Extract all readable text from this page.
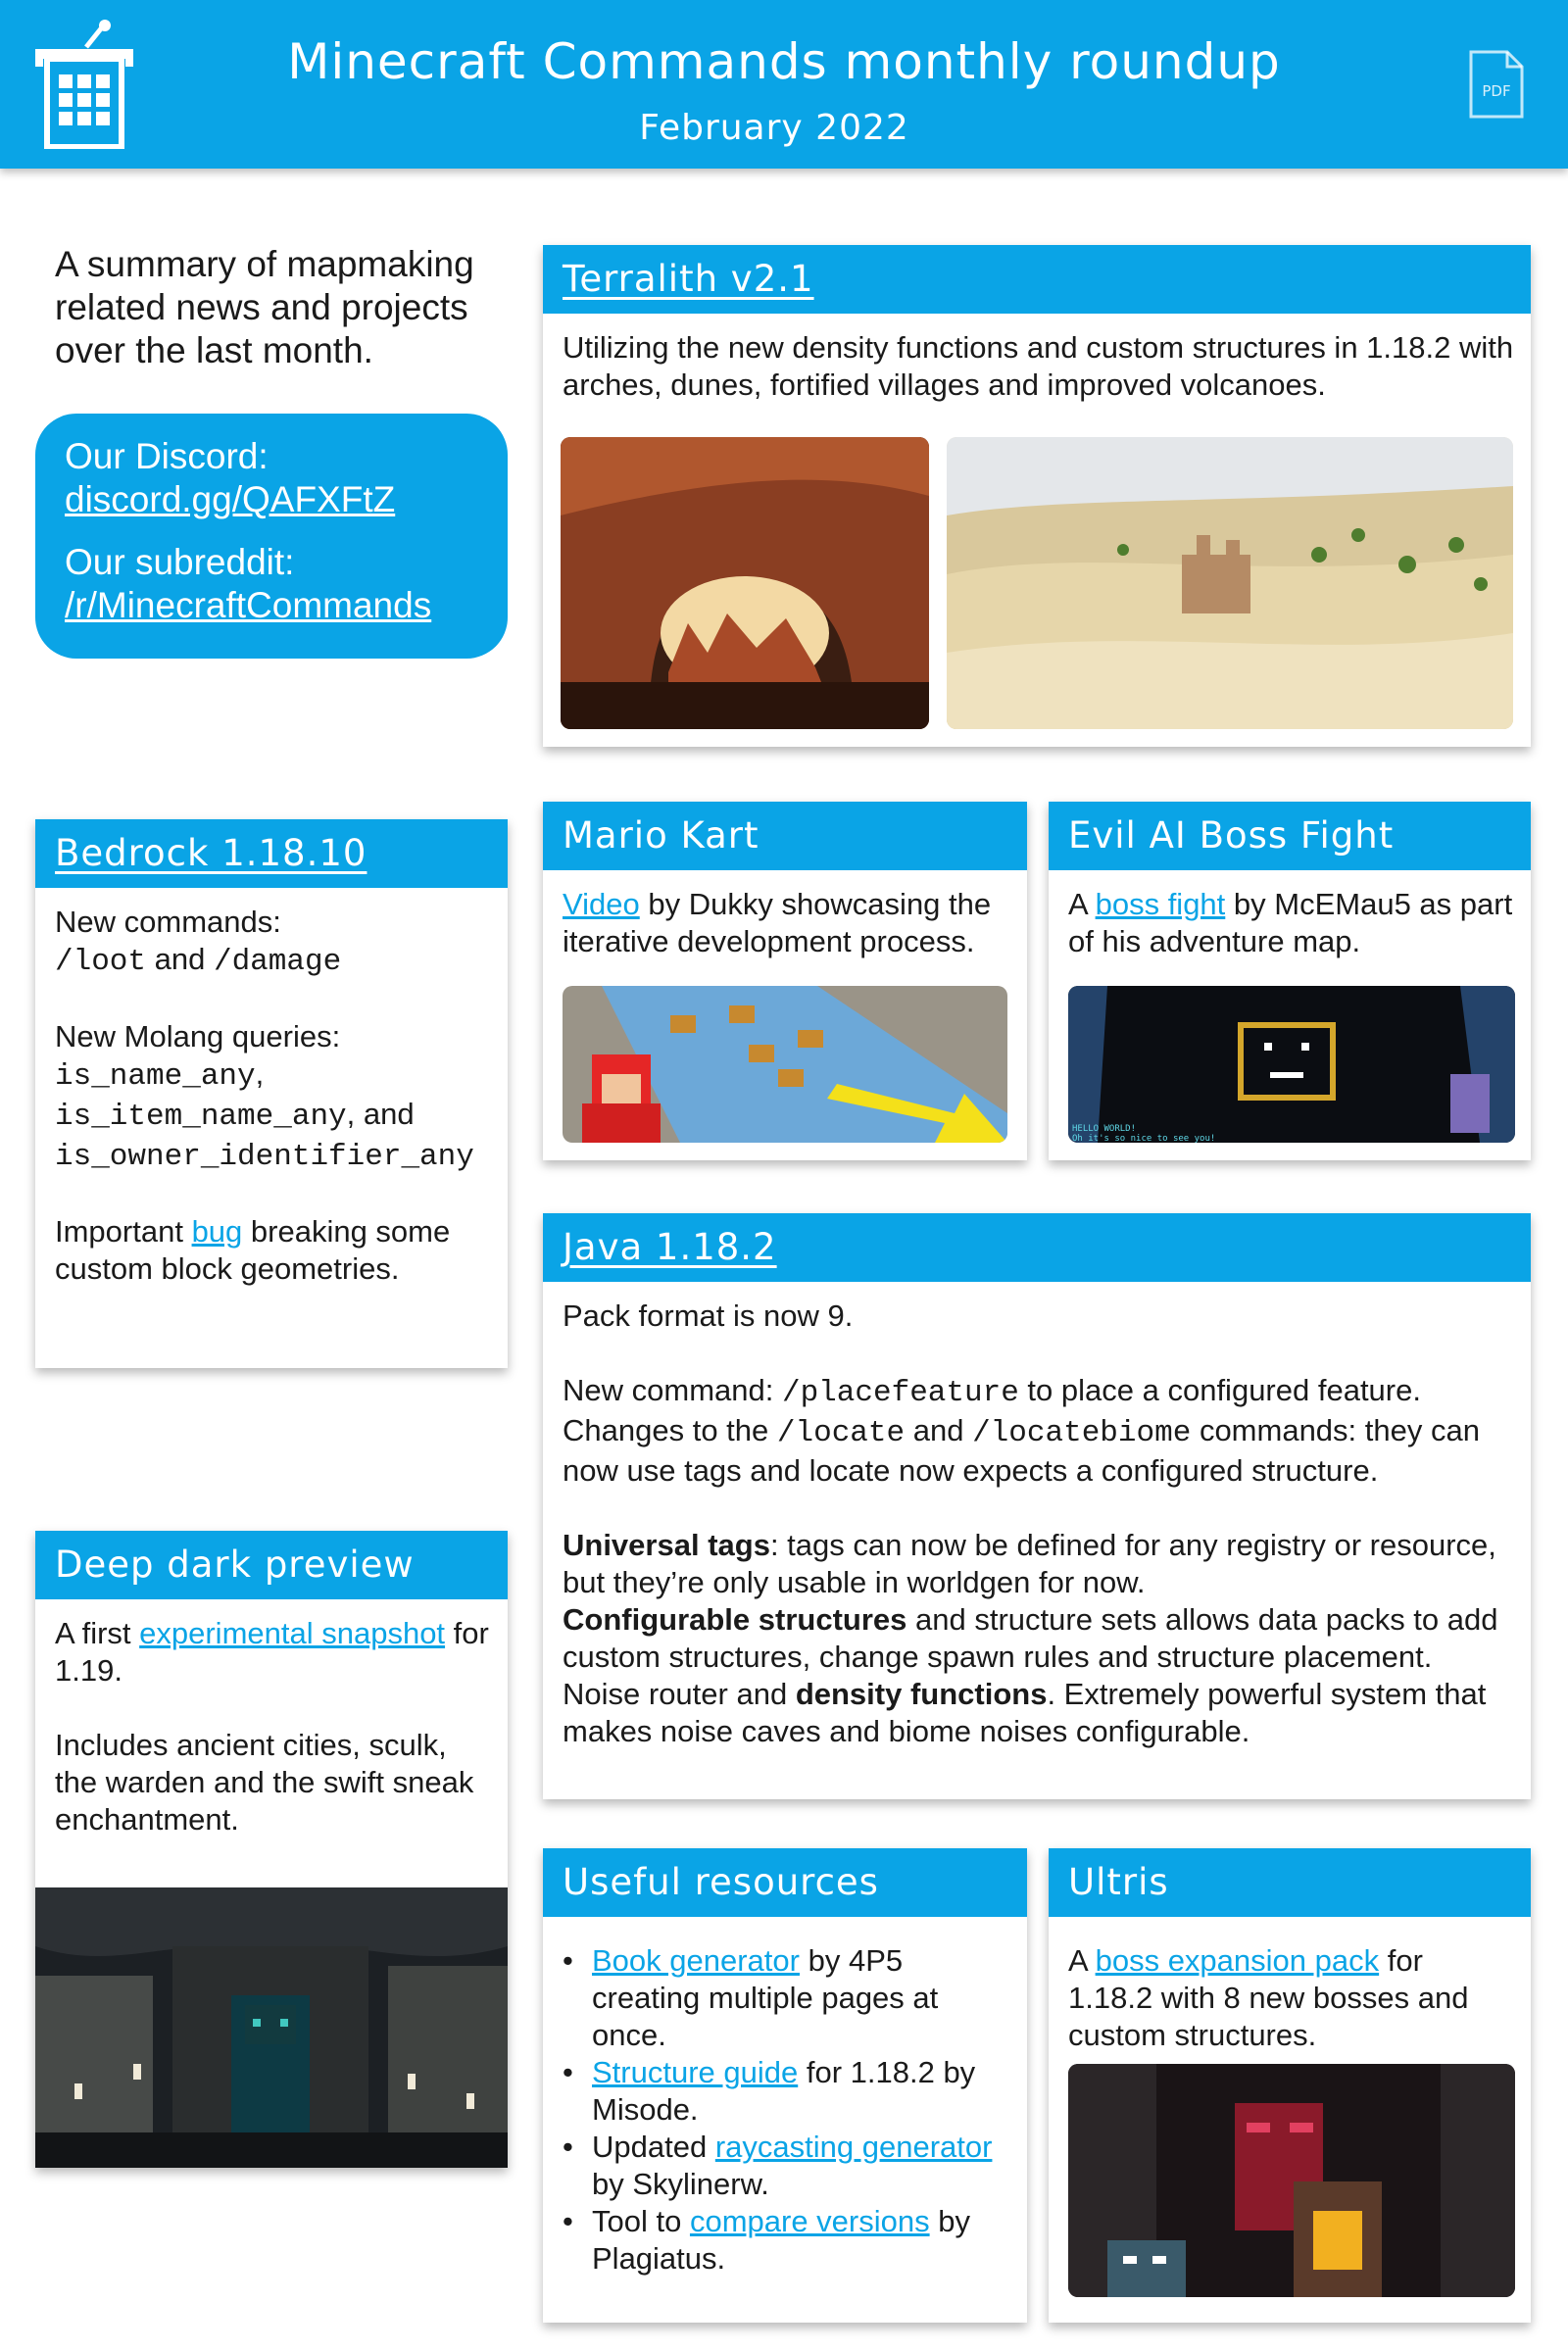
Minecraft Commands monthly roundup
February 2022
PDF
A summary of mapmaking related news and projects over the last month.
Our Discord:
discord.gg/QAFXFtZ
Our subreddit:
/r/MinecraftCommands
Terralith v2.1
Utilizing the new density functions and custom structures in 1.18.2 with arches, dunes, fortified villages and improved volcanoes.
Bedrock 1.18.10

New commands:
/loot and /damage

New Molang queries:
is_name_any,
is_item_name_any, and
is_owner_identifier_any

Important bug breaking some custom block geometries.

Mario Kart
Video by Dukky showcasing the iterative development process.
Evil AI Boss Fight
A boss fight by McEMau5 as part of his adventure map.
HELLO WORLD!
Oh it's so nice to see you!
Java 1.18.2

Pack format is now 9.

New command: /placefeature to place a configured feature.
Changes to the /locate and /locatebiome commands: they can now use tags and locate now expects a configured structure.

Universal tags: tags can now be defined for any registry or resource, but they’re only usable in worldgen for now.
Configurable structures and structure sets allows data packs to add custom structures, change spawn rules and structure placement.
Noise router and density functions. Extremely powerful system that makes noise caves and biome noises configurable.

Deep dark preview

A first experimental snapshot for 1.19.

Includes ancient cities, sculk, the warden and the swift sneak enchantment.

Useful resources
• Book generator by 4P5 creating multiple pages at once.
• Structure guide for 1.18.2 by Misode.
• Updated raycasting generator by Skylinerw.
• Tool to compare versions by Plagiatus.
Ultris
A boss expansion pack for 1.18.2 with 8 new bosses and custom structures.
